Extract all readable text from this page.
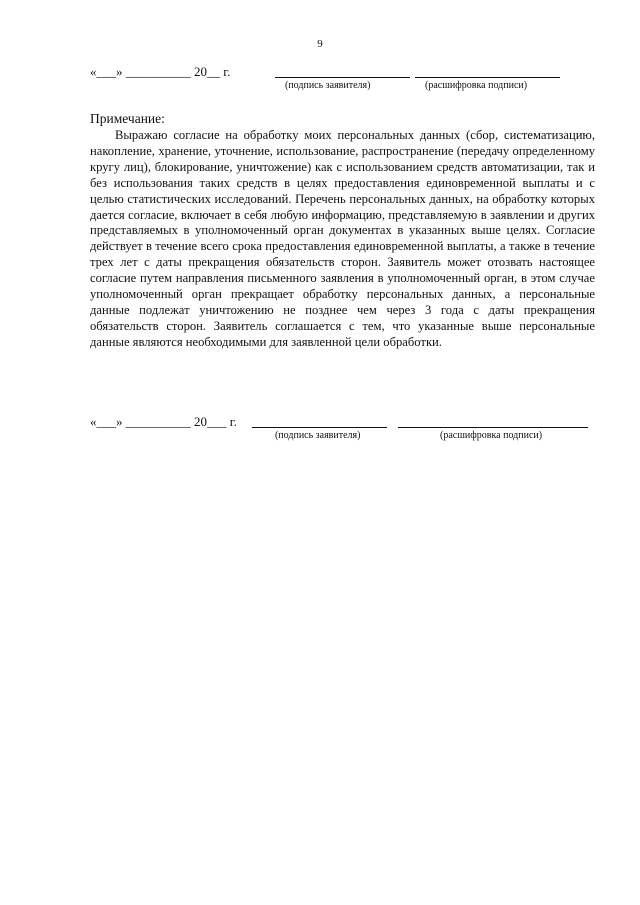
9
«___» __________ 20__ г.
(подпись заявителя)	(расшифровка подписи)
Примечание:

Выражаю согласие на обработку моих персональных данных (сбор, систематизацию, накопление, хранение, уточнение, использование, распространение (передачу определенному кругу лиц), блокирование, уничтожение) как с использованием средств автоматизации, так и без использования таких средств в целях предоставления единовременной выплаты и с целью статистических исследований. Перечень персональных данных, на обработку которых дается согласие, включает в себя любую информацию, представляемую в заявлении и других представляемых в уполномоченный орган документах в указанных выше целях. Согласие действует в течение всего срока предоставления единовременной выплаты, а также в течение трех лет с даты прекращения обязательств сторон. Заявитель может отозвать настоящее согласие путем направления письменного заявления в уполномоченный орган, в этом случае уполномоченный орган прекращает обработку персональных данных, а персональные данные подлежат уничтожению не позднее чем через 3 года с даты прекращения обязательств сторон. Заявитель соглашается с тем, что указанные выше персональные данные являются необходимыми для заявленной цели обработки.

«___» __________ 20___ г.
(подпись заявителя)	(расшифровка подписи)
